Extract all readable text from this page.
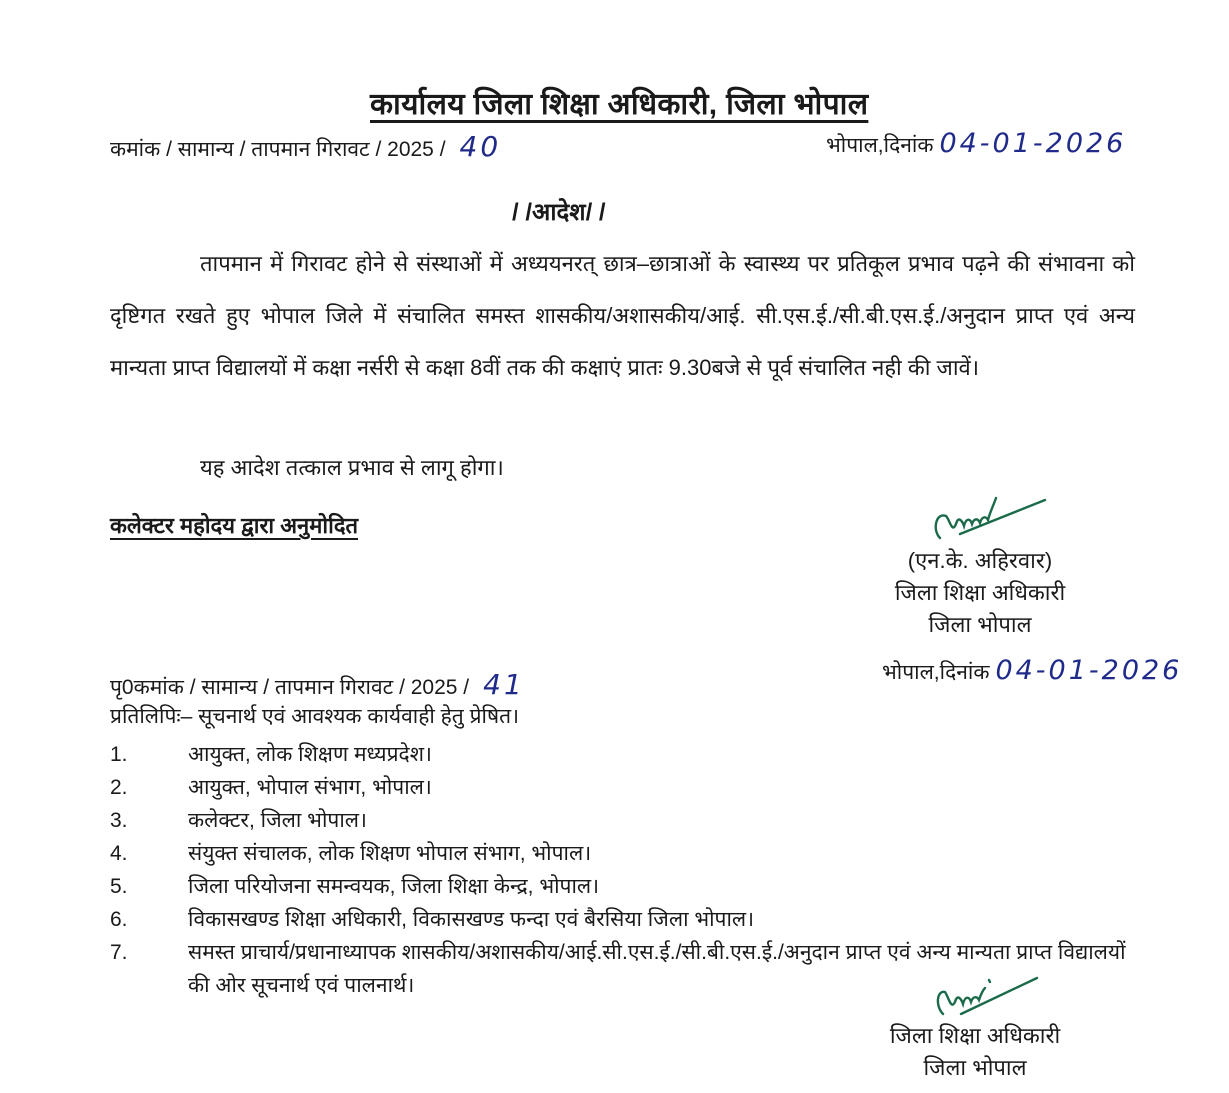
कार्यालय जिला शिक्षा अधिकारी, जिला भोपाल
कमांक / सामान्य / तापमान गिरावट / 2025 / 40	भोपाल,दिनांक 04-01-2026
/ /आदेश/ /
तापमान में गिरावट होने से संस्थाओं में अध्ययनरत् छात्र–छात्राओं के स्वास्थ्य पर प्रतिकूल प्रभाव पढ़ने की संभावना को दृष्टिगत रखते हुए भोपाल जिले में संचालित समस्त शासकीय/अशासकीय/आई. सी.एस.ई./सी.बी.एस.ई./अनुदान प्राप्त एवं अन्य मान्यता प्राप्त विद्यालयों में कक्षा नर्सरी से कक्षा 8वीं तक की कक्षाएं प्रातः 9.30बजे से पूर्व संचालित नही की जावें।
यह आदेश तत्काल प्रभाव से लागू होगा।
कलेक्टर महोदय द्वारा अनुमोदित
(एन.के. अहिरवार)
जिला शिक्षा अधिकारी
जिला भोपाल
भोपाल,दिनांक 04-01-2026
पृ0कमांक / सामान्य / तापमान गिरावट / 2025 / 41
प्रतिलिपिः– सूचनार्थ एवं आवश्यक कार्यवाही हेतु प्रेषित।
1.	आयुक्त, लोक शिक्षण मध्यप्रदेश।
2.	आयुक्त, भोपाल संभाग, भोपाल।
3.	कलेक्टर, जिला भोपाल।
4.	संयुक्त संचालक, लोक शिक्षण भोपाल संभाग, भोपाल।
5.	जिला परियोजना समन्वयक, जिला शिक्षा केन्द्र, भोपाल।
6.	विकासखण्ड शिक्षा अधिकारी, विकासखण्ड फन्दा एवं बैरसिया जिला भोपाल।
7.	समस्त प्राचार्य/प्रधानाध्यापक शासकीय/अशासकीय/आई.सी.एस.ई./सी.बी.एस.ई./अनुदान प्राप्त एवं अन्य मान्यता प्राप्त विद्यालयों की ओर सूचनार्थ एवं पालनार्थ।
जिला शिक्षा अधिकारी
जिला भोपाल
